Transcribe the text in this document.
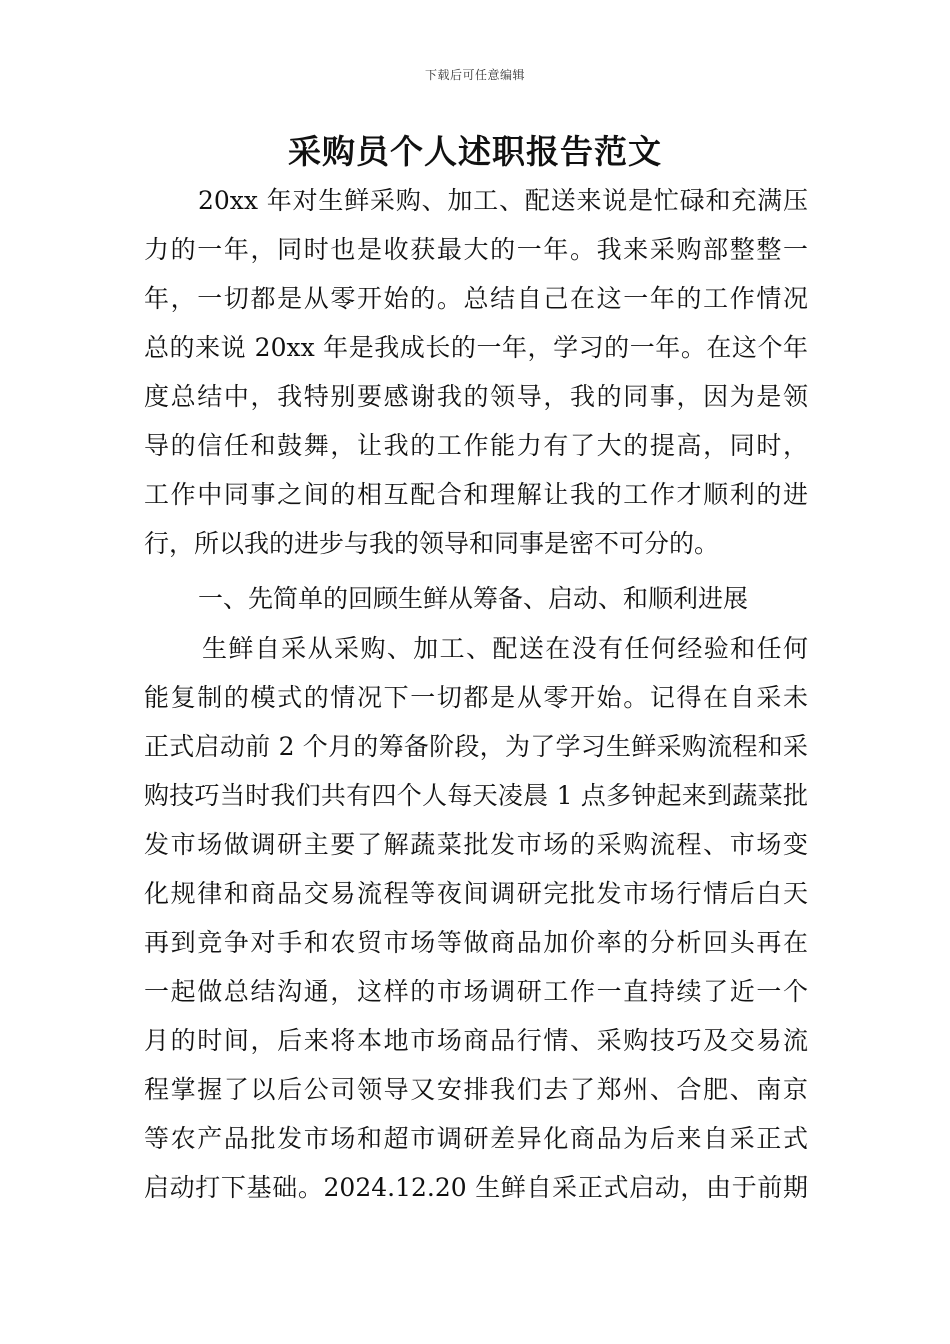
下载后可任意编辑
采购员个人述职报告范文
20xx 年对生鲜采购、加工、配送来说是忙碌和充满压
力的一年，同时也是收获最大的一年。我来采购部整整一
年，一切都是从零开始的。总结自己在这一年的工作情况
总的来说 20xx 年是我成长的一年，学习的一年。在这个年
度总结中，我特别要感谢我的领导，我的同事，因为是领
导的信任和鼓舞，让我的工作能力有了大的提高，同时，
工作中同事之间的相互配合和理解让我的工作才顺利的进
行，所以我的进步与我的领导和同事是密不可分的。
一、先简单的回顾生鲜从筹备、启动、和顺利进展
生鲜自采从采购、加工、配送在没有任何经验和任何
能复制的模式的情况下一切都是从零开始。记得在自采未
正式启动前 2 个月的筹备阶段，为了学习生鲜采购流程和采
购技巧当时我们共有四个人每天凌晨 1 点多钟起来到蔬菜批
发市场做调研主要了解蔬菜批发市场的采购流程、市场变
化规律和商品交易流程等夜间调研完批发市场行情后白天
再到竞争对手和农贸市场等做商品加价率的分析回头再在
一起做总结沟通，这样的市场调研工作一直持续了近一个
月的时间，后来将本地市场商品行情、采购技巧及交易流
程掌握了以后公司领导又安排我们去了郑州、合肥、南京
等农产品批发市场和超市调研差异化商品为后来自采正式
启动打下基础。2024.12.20 生鲜自采正式启动，由于前期
